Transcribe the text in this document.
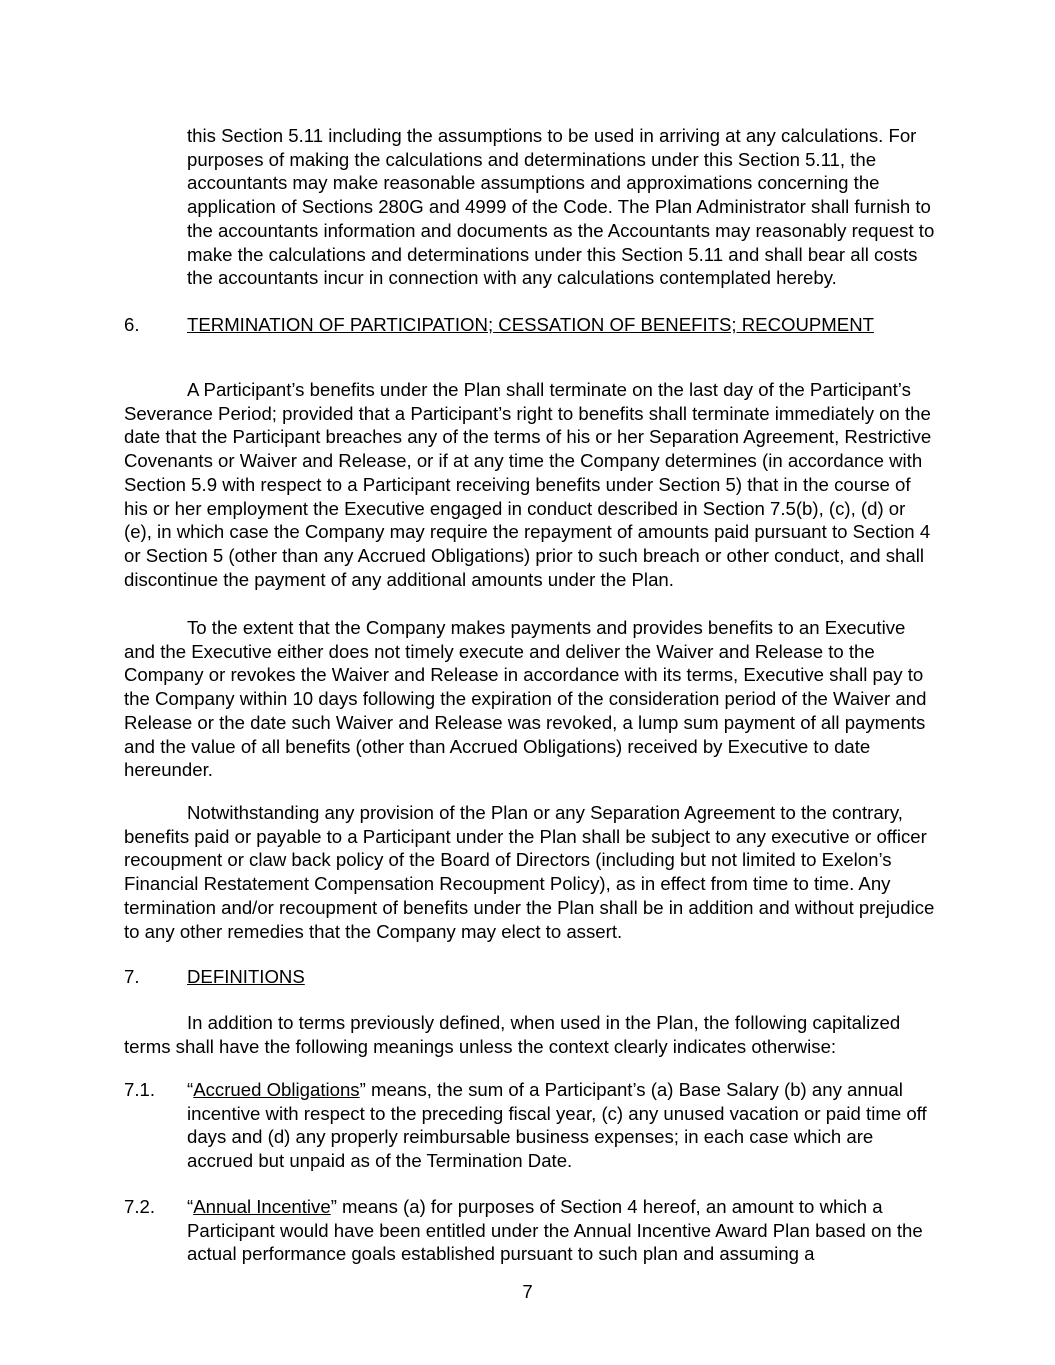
this Section 5.11 including the assumptions to be used in arriving at any calculations. For purposes of making the calculations and determinations under this Section 5.11, the accountants may make reasonable assumptions and approximations concerning the application of Sections 280G and 4999 of the Code. The Plan Administrator shall furnish to the accountants information and documents as the Accountants may reasonably request to make the calculations and determinations under this Section 5.11 and shall bear all costs the accountants incur in connection with any calculations contemplated hereby.

6.	TERMINATION OF PARTICIPATION; CESSATION OF BENEFITS; RECOUPMENT

A Participant’s benefits under the Plan shall terminate on the last day of the Participant’s Severance Period; provided that a Participant’s right to benefits shall terminate immediately on the date that the Participant breaches any of the terms of his or her Separation Agreement, Restrictive Covenants or Waiver and Release, or if at any time the Company determines (in accordance with Section 5.9 with respect to a Participant receiving benefits under Section 5) that in the course of his or her employment the Executive engaged in conduct described in Section 7.5(b), (c), (d) or (e), in which case the Company may require the repayment of amounts paid pursuant to Section 4 or Section 5 (other than any Accrued Obligations) prior to such breach or other conduct, and shall discontinue the payment of any additional amounts under the Plan.

To the extent that the Company makes payments and provides benefits to an Executive and the Executive either does not timely execute and deliver the Waiver and Release to the Company or revokes the Waiver and Release in accordance with its terms, Executive shall pay to the Company within 10 days following the expiration of the consideration period of the Waiver and Release or the date such Waiver and Release was revoked, a lump sum payment of all payments and the value of all benefits (other than Accrued Obligations) received by Executive to date hereunder.

Notwithstanding any provision of the Plan or any Separation Agreement to the contrary, benefits paid or payable to a Participant under the Plan shall be subject to any executive or officer recoupment or claw back policy of the Board of Directors (including but not limited to Exelon’s Financial Restatement Compensation Recoupment Policy), as in effect from time to time. Any termination and/or recoupment of benefits under the Plan shall be in addition and without prejudice to any other remedies that the Company may elect to assert.

7.	DEFINITIONS

In addition to terms previously defined, when used in the Plan, the following capitalized terms shall have the following meanings unless the context clearly indicates otherwise:

7.1. “Accrued Obligations” means, the sum of a Participant’s (a) Base Salary (b) any annual incentive with respect to the preceding fiscal year, (c) any unused vacation or paid time off days and (d) any properly reimbursable business expenses; in each case which are accrued but unpaid as of the Termination Date.

7.2. “Annual Incentive” means (a) for purposes of Section 4 hereof, an amount to which a Participant would have been entitled under the Annual Incentive Award Plan based on the actual performance goals established pursuant to such plan and assuming a

7
